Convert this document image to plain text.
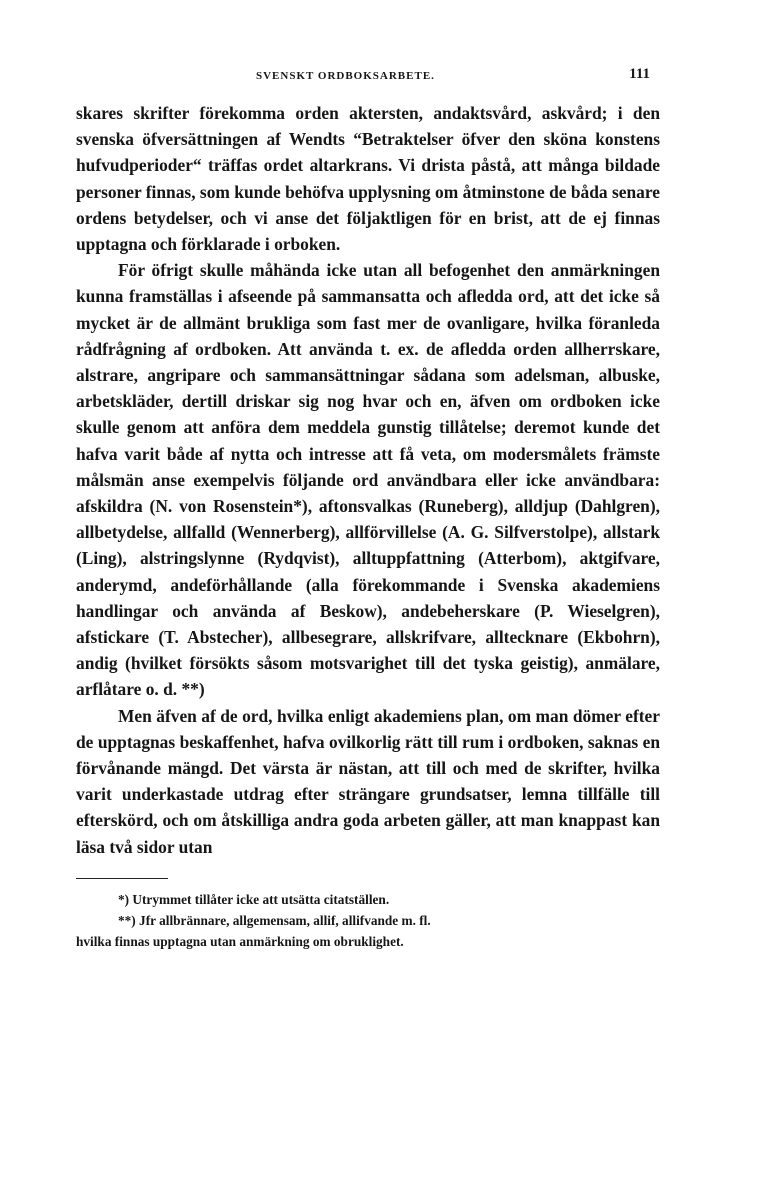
SVENSKT ORDBOKSARBETE.	111

skares skrifter förekomma orden aktersten, andaktsvård, askvård; i den svenska öfversättningen af Wendts “Betraktelser öfver den sköna konstens hufvudperioder“ träffas ordet altarkrans. Vi drista påstå, att många bildade personer finnas, som kunde behöfva upplysning om åtminstone de båda senare ordens betydelser, och vi anse det följaktligen för en brist, att de ej finnas upptagna och förklarade i orboken.

För öfrigt skulle måhända icke utan all befogenhet den anmärkningen kunna framställas i afseende på sammansatta och afledda ord, att det icke så mycket är de allmänt brukliga som fast mer de ovanligare, hvilka föranleda rådfrågning af ordboken. Att använda t. ex. de afledda orden allherrskare, alstrare, angripare och sammansättningar sådana som adelsman, albuske, arbetskläder, dertill driskar sig nog hvar och en, äfven om ordboken icke skulle genom att anföra dem meddela gunstig tillåtelse; deremot kunde det hafva varit både af nytta och intresse att få veta, om modersmålets främste målsmän anse exempelvis följande ord användbara eller icke användbara: afskildra (N. von Rosenstein*), aftonsvalkas (Runeberg), alldjup (Dahlgren), allbetydelse, allfalld (Wennerberg), allförvillelse (A. G. Silfverstolpe), allstark (Ling), alstringslynne (Rydqvist), alltuppfattning (Atterbom), aktgifvare, anderymd, andeförhållande (alla förekommande i Svenska akademiens handlingar och använda af Beskow), andebeherskare (P. Wieselgren), afstickare (T. Abstecher), allbesegrare, allskrifvare, alltecknare (Ekbohrn), andig (hvilket försökts såsom motsvarighet till det tyska geistig), anmälare, arflåtare o. d. **)

Men äfven af de ord, hvilka enligt akademiens plan, om man dömer efter de upptagnas beskaffenhet, hafva ovilkorlig rätt till rum i ordboken, saknas en förvånande mängd. Det värsta är nästan, att till och med de skrifter, hvilka varit underkastade utdrag efter strängare grundsatser, lemna tillfälle till efterskörd, och om åtskilliga andra goda arbeten gäller, att man knappast kan läsa två sidor utan

*) Utrymmet tillåter icke att utsätta citatställen.

**) Jfr allbrännare, allgemensam, allif, allifvande m. fl.

hvilka finnas upptagna utan anmärkning om obruklighet.
